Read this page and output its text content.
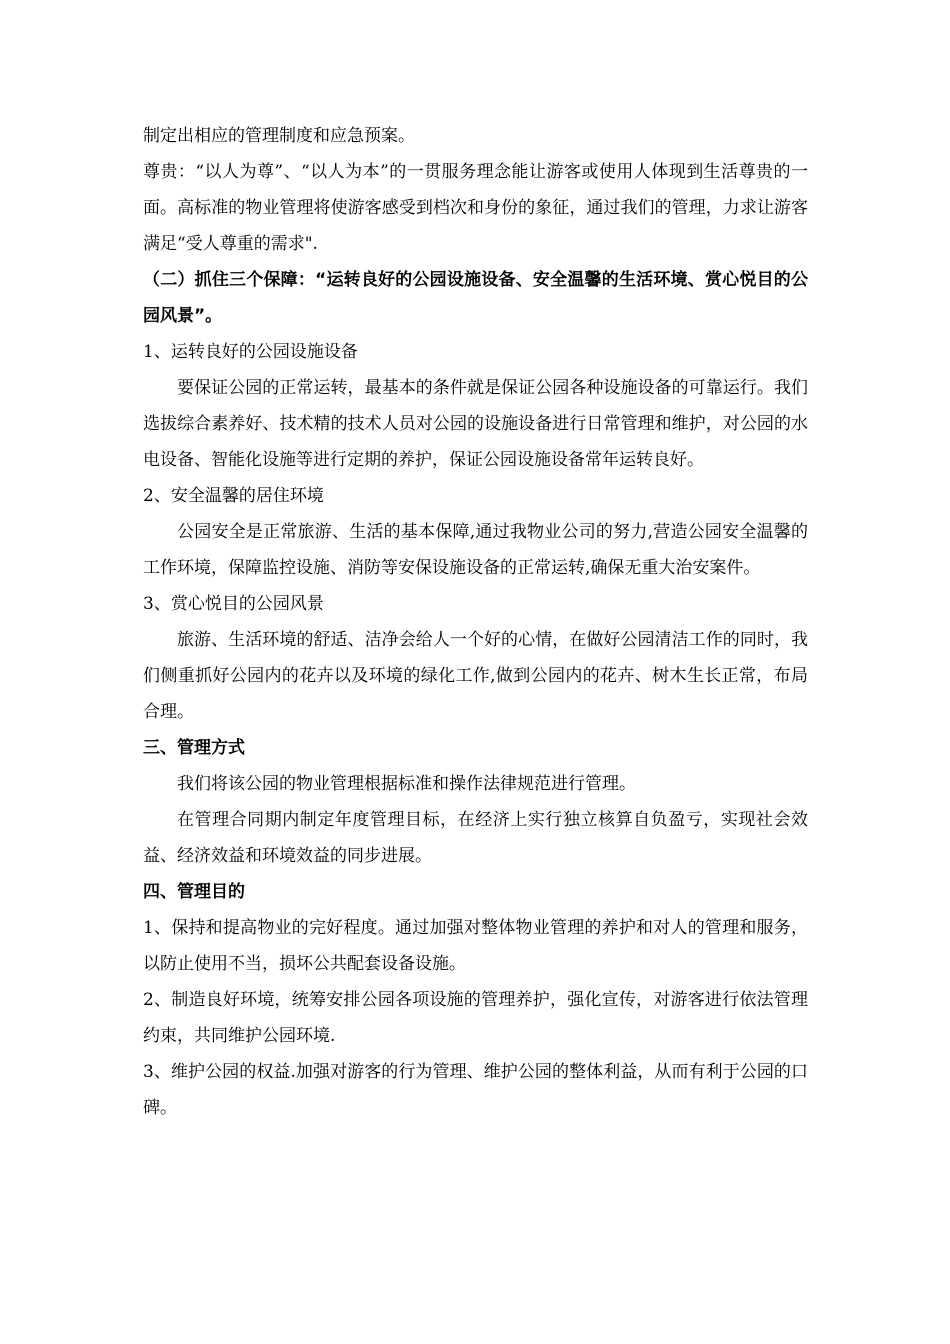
制定出相应的管理制度和应急预案。

尊贵：“以人为尊”、“以人为本”的一贯服务理念能让游客或使用人体现到生活尊贵的一面。高标准的物业管理将使游客感受到档次和身份的象征，通过我们的管理，力求让游客满足“受人尊重的需求".

（二）抓住三个保障：“运转良好的公园设施设备、安全温馨的生活环境、赏心悦目的公园风景”。

1、运转良好的公园设施设备

要保证公园的正常运转，最基本的条件就是保证公园各种设施设备的可靠运行。我们选拔综合素养好、技术精的技术人员对公园的设施设备进行日常管理和维护，对公园的水电设备、智能化设施等进行定期的养护，保证公园设施设备常年运转良好。

2、安全温馨的居住环境

公园安全是正常旅游、生活的基本保障,通过我物业公司的努力,营造公园安全温馨的工作环境，保障监控设施、消防等安保设施设备的正常运转,确保无重大治安案件。

3、赏心悦目的公园风景

旅游、生活环境的舒适、洁净会给人一个好的心情，在做好公园清洁工作的同时，我们侧重抓好公园内的花卉以及环境的绿化工作,做到公园内的花卉、树木生长正常，布局合理。

三、管理方式

我们将该公园的物业管理根据标准和操作法律规范进行管理。

在管理合同期内制定年度管理目标，在经济上实行独立核算自负盈亏，实现社会效益、经济效益和环境效益的同步进展。

四、管理目的

1、保持和提高物业的完好程度。通过加强对整体物业管理的养护和对人的管理和服务，以防止使用不当，损坏公共配套设备设施。

2、制造良好环境，统筹安排公园各项设施的管理养护，强化宣传，对游客进行依法管理约束，共同维护公园环境.

3、维护公园的权益.加强对游客的行为管理、维护公园的整体利益，从而有利于公园的口碑。
